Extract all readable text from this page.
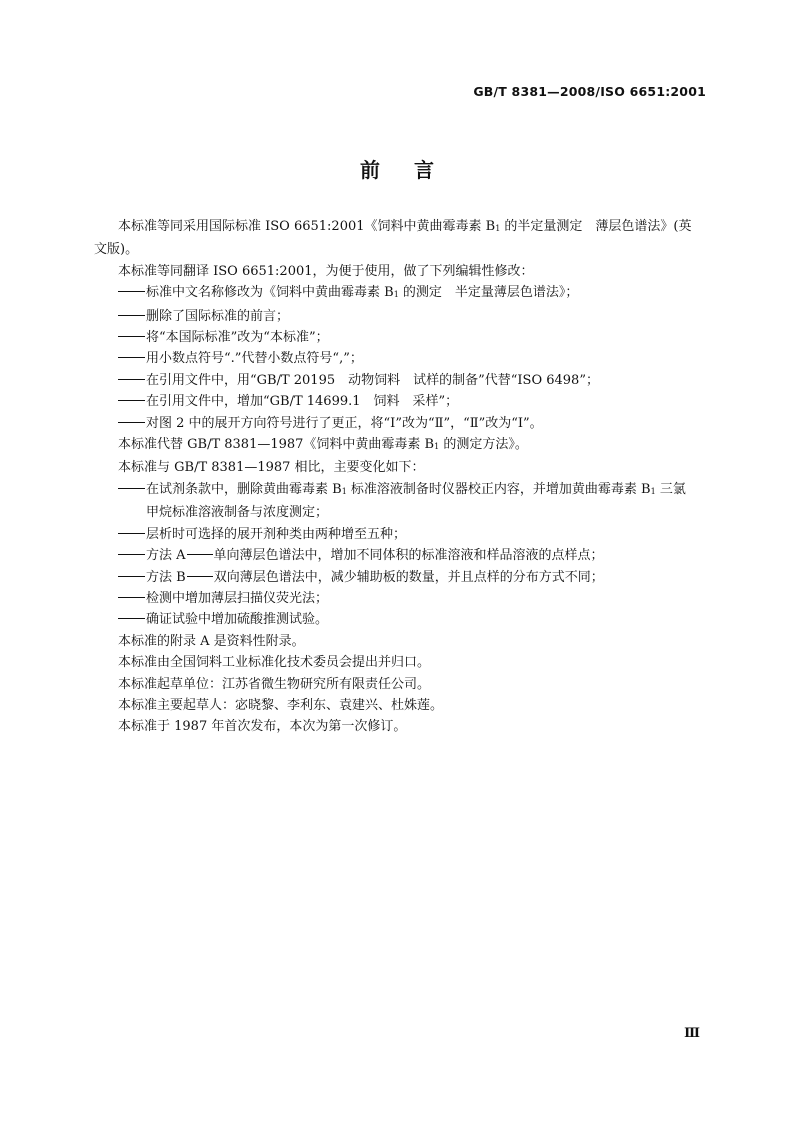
GB/T 8381—2008/ISO 6651:2001
前言
本标准等同采用国际标准 ISO 6651:2001《饲料中黄曲霉毒素 $B_1$ 的半定量测定　薄层色谱法》(英
文版)。
本标准等同翻译 ISO 6651:2001，为便于使用，做了下列编辑性修改：
标准中文名称修改为《饲料中黄曲霉毒素 $B_1$ 的测定　半定量薄层色谱法》；
删除了国际标准的前言；
将“本国际标准”改为“本标准”；
用小数点符号“.”代替小数点符号“,”；
在引用文件中，用“GB/T 20195　动物饲料　试样的制备”代替“ISO 6498”；
在引用文件中，增加“GB/T 14699.1　饲料　采样”；
对图 2 中的展开方向符号进行了更正，将“Ⅰ”改为“Ⅱ”，“Ⅱ”改为“Ⅰ”。
本标准代替 GB/T 8381—1987《饲料中黄曲霉毒素 $B_1$ 的测定方法》。
本标准与 GB/T 8381—1987 相比，主要变化如下：
在试剂条款中，删除黄曲霉毒素 $B_1$ 标准溶液制备时仪器校正内容，并增加黄曲霉毒素 $B_1$ 三氯
甲烷标准溶液制备与浓度测定；
层析时可选择的展开剂种类由两种增至五种；
方法 A 单向薄层色谱法中，增加不同体积的标准溶液和样品溶液的点样点；
方法 B 双向薄层色谱法中，减少辅助板的数量，并且点样的分布方式不同；
检测中增加薄层扫描仪荧光法；
确证试验中增加硫酸推测试验。
本标准的附录 A 是资料性附录。
本标准由全国饲料工业标准化技术委员会提出并归口。
本标准起草单位：江苏省微生物研究所有限责任公司。
本标准主要起草人：宓晓黎、李利东、袁建兴、杜姝莲。
本标准于 1987 年首次发布，本次为第一次修订。
Ⅲ
